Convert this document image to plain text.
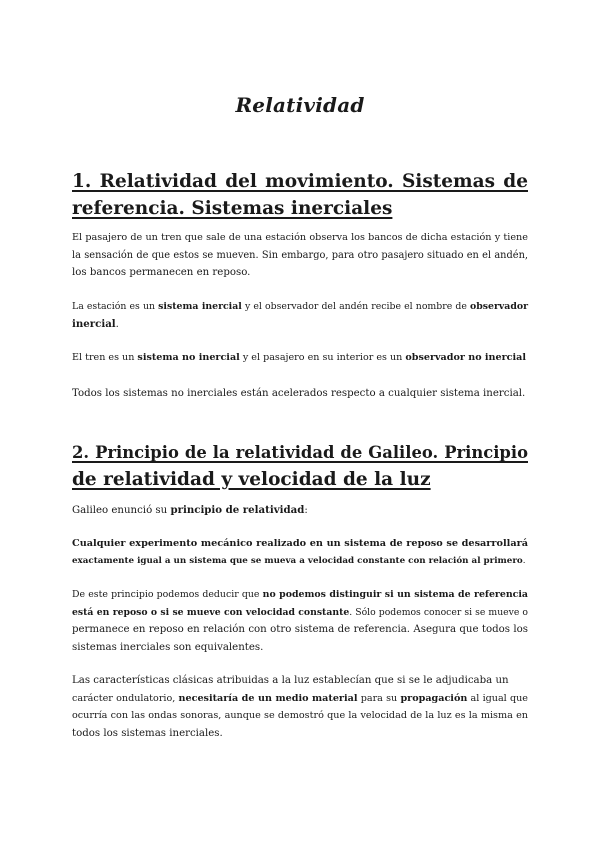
Relatividad
1. Relatividad del movimiento. Sistemas de
referencia. Sistemas inerciales
El pasajero de un tren que sale de una estación observa los bancos de dicha estación y tiene
la sensación de que estos se mueven. Sin embargo, para otro pasajero situado en el andén,
los bancos permanecen en reposo.
La estación es un sistema inercial y el observador del andén recibe el nombre de observador
inercial.
El tren es un sistema no inercial y el pasajero en su interior es un observador no inercial
Todos los sistemas no inerciales están acelerados respecto a cualquier sistema inercial.
2. Principio de la relatividad de Galileo. Principio
de relatividad y velocidad de la luz
Galileo enunció su principio de relatividad:
Cualquier experimento mecánico realizado en un sistema de reposo se desarrollará
exactamente igual a un sistema que se mueva a velocidad constante con relación al primero.
De este principio podemos deducir que no podemos distinguir si un sistema de referencia
está en reposo o si se mueve con velocidad constante. Sólo podemos conocer si se mueve o
permanece en reposo en relación con otro sistema de referencia. Asegura que todos los
sistemas inerciales son equivalentes.
Las características clásicas atribuidas a la luz establecían que si se le adjudicaba un
carácter ondulatorio, necesitaría de un medio material para su propagación al igual que
ocurría con las ondas sonoras, aunque se demostró que la velocidad de la luz es la misma en
todos los sistemas inerciales.
